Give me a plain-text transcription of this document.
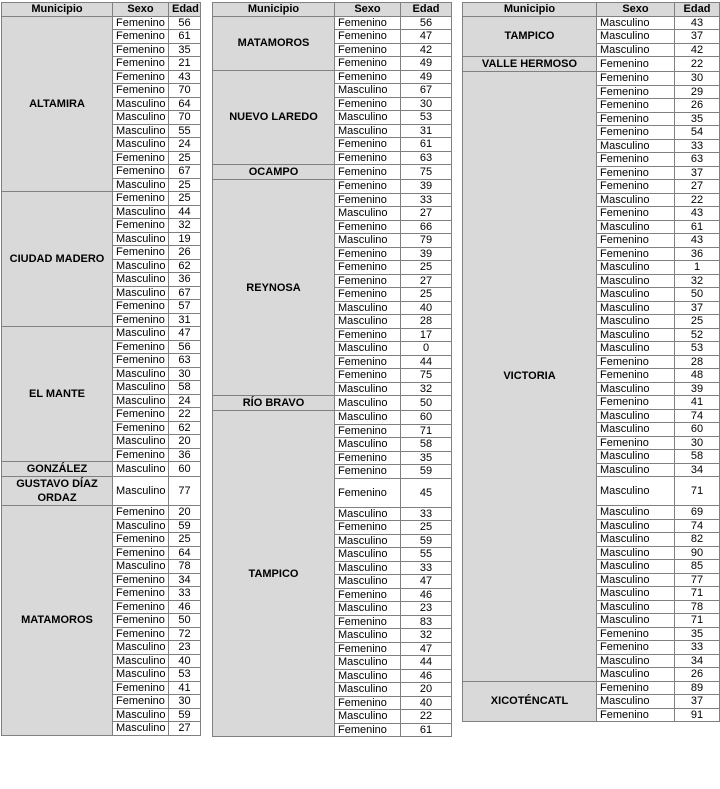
Municipio	Sexo	Edad
ALTAMIRA	Femenino	56
	Femenino	61
	Femenino	35
	Femenino	21
	Femenino	43
	Femenino	70
	Masculino	64
	Masculino	70
	Masculino	55
	Masculino	24
	Femenino	25
	Femenino	67
	Masculino	25
CIUDAD MADERO	Femenino	25
	Masculino	44
	Femenino	32
	Masculino	19
	Femenino	26
	Masculino	62
	Masculino	36
	Masculino	67
	Femenino	57
	Femenino	31
EL MANTE	Masculino	47
	Femenino	56
	Femenino	63
	Masculino	30
	Masculino	58
	Masculino	24
	Femenino	22
	Femenino	62
	Masculino	20
	Femenino	36
GONZÁLEZ	Masculino	60
GUSTAVO DÍAZ ORDAZ	Masculino	77
MATAMOROS	Femenino	20
	Masculino	59
	Femenino	25
	Femenino	64
	Masculino	78
	Femenino	34
	Femenino	33
	Femenino	46
	Femenino	50
	Femenino	72
	Masculino	23
	Masculino	40
	Masculino	53
	Femenino	41
	Femenino	30
	Masculino	59
	Masculino	27
Municipio	Sexo	Edad
MATAMOROS	Femenino	56
	Femenino	47
	Femenino	42
	Femenino	49
NUEVO LAREDO	Femenino	49
	Masculino	67
	Femenino	30
	Masculino	53
	Masculino	31
	Femenino	61
	Femenino	63
OCAMPO	Femenino	75
REYNOSA	Femenino	39
	Femenino	33
	Masculino	27
	Femenino	66
	Masculino	79
	Femenino	39
	Femenino	25
	Femenino	27
	Femenino	25
	Masculino	40
	Masculino	28
	Femenino	17
	Masculino	0
	Femenino	44
	Femenino	75
	Masculino	32
RÍO BRAVO	Masculino	50
TAMPICO	Masculino	60
	Femenino	71
	Masculino	58
	Femenino	35
	Femenino	59
	Femenino	45
	Masculino	33
	Femenino	25
	Masculino	59
	Masculino	55
	Masculino	33
	Masculino	47
	Femenino	46
	Masculino	23
	Femenino	83
	Masculino	32
	Femenino	47
	Masculino	44
	Masculino	46
	Masculino	20
	Femenino	40
	Masculino	22
	Femenino	61
Municipio	Sexo	Edad
TAMPICO	Masculino	43
	Masculino	37
	Masculino	42
VALLE HERMOSO	Femenino	22
VICTORIA	Femenino	30
	Femenino	29
	Femenino	26
	Femenino	35
	Femenino	54
	Masculino	33
	Femenino	63
	Femenino	37
	Femenino	27
	Masculino	22
	Femenino	43
	Masculino	61
	Femenino	43
	Femenino	36
	Masculino	1
	Masculino	32
	Masculino	50
	Masculino	37
	Masculino	25
	Masculino	52
	Masculino	53
	Femenino	28
	Femenino	48
	Masculino	39
	Femenino	41
	Masculino	74
	Masculino	60
	Femenino	30
	Masculino	58
	Masculino	34
	Masculino	71
	Masculino	69
	Masculino	74
	Masculino	82
	Masculino	90
	Masculino	85
	Masculino	77
	Masculino	71
	Masculino	78
	Masculino	71
	Femenino	35
	Femenino	33
	Masculino	34
	Masculino	26
XICOTÉNCATL	Femenino	89
	Masculino	37
	Femenino	91
